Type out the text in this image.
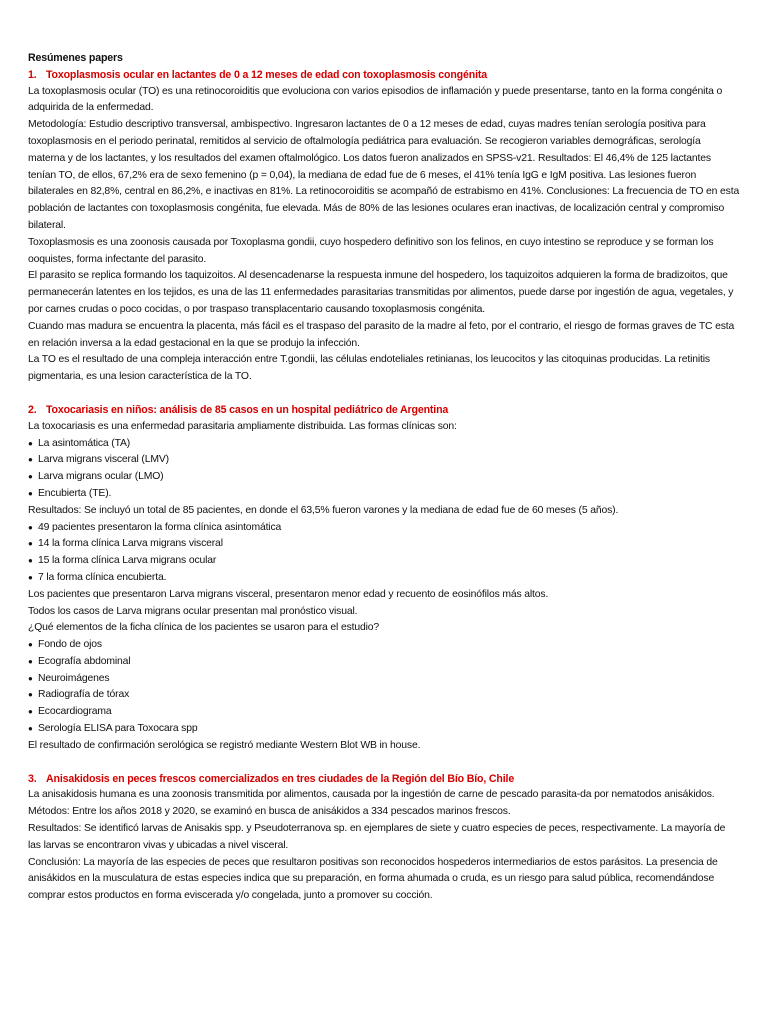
Resúmenes papers

1. Toxoplasmosis ocular en lactantes de 0 a 12 meses de edad con toxoplasmosis congénita

La toxoplasmosis ocular (TO) es una retinocoroiditis que evoluciona con varios episodios de inflamación y puede presentarse, tanto en la forma congénita o adquirida de la enfermedad.

Metodología: Estudio descriptivo transversal, ambispectivo. Ingresaron lactantes de 0 a 12 meses de edad, cuyas madres tenían serología positiva para toxoplasmosis en el periodo perinatal, remitidos al servicio de oftalmología pediátrica para evaluación. Se recogieron variables demográficas, serología materna y de los lactantes, y los resultados del examen oftalmológico. Los datos fueron analizados en SPSS-v21. Resultados: El 46,4% de 125 lactantes tenían TO, de ellos, 67,2% era de sexo femenino (p = 0,04), la mediana de edad fue de 6 meses, el 41% tenía IgG e IgM positiva. Las lesiones fueron bilaterales en 82,8%, central en 86,2%, e inactivas en 81%. La retinocoroiditis se acompañó de estrabismo en 41%. Conclusiones: La frecuencia de TO en esta población de lactantes con toxoplasmosis congénita, fue elevada. Más de 80% de las lesiones oculares eran inactivas, de localización central y compromiso bilateral.

Toxoplasmosis es una zoonosis causada por Toxoplasma gondii, cuyo hospedero definitivo son los felinos, en cuyo intestino se reproduce y se forman los ooquistes, forma infectante del parasito.

El parasito se replica formando los taquizoitos. Al desencadenarse la respuesta inmune del hospedero, los taquizoitos adquieren la forma de bradizoitos, que permanecerán latentes en los tejidos, es una de las 11 enfermedades parasitarias transmitidas por alimentos, puede darse por ingestión de agua, vegetales, y por carnes crudas o poco cocidas, o por traspaso transplacentario causando toxoplasmosis congénita.

Cuando mas madura se encuentra la placenta, más fácil es el traspaso del parasito de la madre al feto, por el contrario, el riesgo de formas graves de TC esta en relación inversa a la edad gestacional en la que se produjo la infección.

La TO es el resultado de una compleja interacción entre T.gondii, las células endoteliales retinianas, los leucocitos y las citoquinas producidas. La retinitis pigmentaria, es una lesion característica de la TO.

2. Toxocariasis en niños: análisis de 85 casos en un hospital pediátrico de Argentina

La toxocariasis es una enfermedad parasitaria ampliamente distribuida. Las formas clínicas son:

● La asintomática (TA)

● Larva migrans visceral (LMV)

● Larva migrans ocular (LMO)

● Encubierta (TE).

Resultados: Se incluyó un total de 85 pacientes, en donde el 63,5% fueron varones y la mediana de edad fue de 60 meses (5 años).

● 49 pacientes presentaron la forma clínica asintomática

● 14 la forma clínica Larva migrans visceral

● 15 la forma clínica Larva migrans ocular

● 7 la forma clínica encubierta.

Los pacientes que presentaron Larva migrans visceral, presentaron menor edad y recuento de eosinófilos más altos.

Todos los casos de Larva migrans ocular presentan mal pronóstico visual.

¿Qué elementos de la ficha clínica de los pacientes se usaron para el estudio?

● Fondo de ojos

● Ecografía abdominal

● Neuroimágenes

● Radiografía de tórax

● Ecocardiograma

● Serología ELISA para Toxocara spp

El resultado de confirmación serológica se registró mediante Western Blot WB in house.

3. Anisakidosis en peces frescos comercializados en tres ciudades de la Región del Bío Bío, Chile

La anisakidosis humana es una zoonosis transmitida por alimentos, causada por la ingestión de carne de pescado parasita-da por nematodos anisákidos.

Métodos: Entre los años 2018 y 2020, se examinó en busca de anisákidos a 334 pescados marinos frescos.

Resultados: Se identificó larvas de Anisakis spp. y Pseudoterranova sp. en ejemplares de siete y cuatro especies de peces, respectivamente. La mayoría de las larvas se encontraron vivas y ubicadas a nivel visceral.

Conclusión: La mayoría de las especies de peces que resultaron positivas son reconocidos hospederos intermediarios de estos parásitos. La presencia de anisákidos en la musculatura de estas especies indica que su preparación, en forma ahumada o cruda, es un riesgo para salud pública, recomendándose comprar estos productos en forma eviscerada y/o congelada, junto a promover su cocción.
